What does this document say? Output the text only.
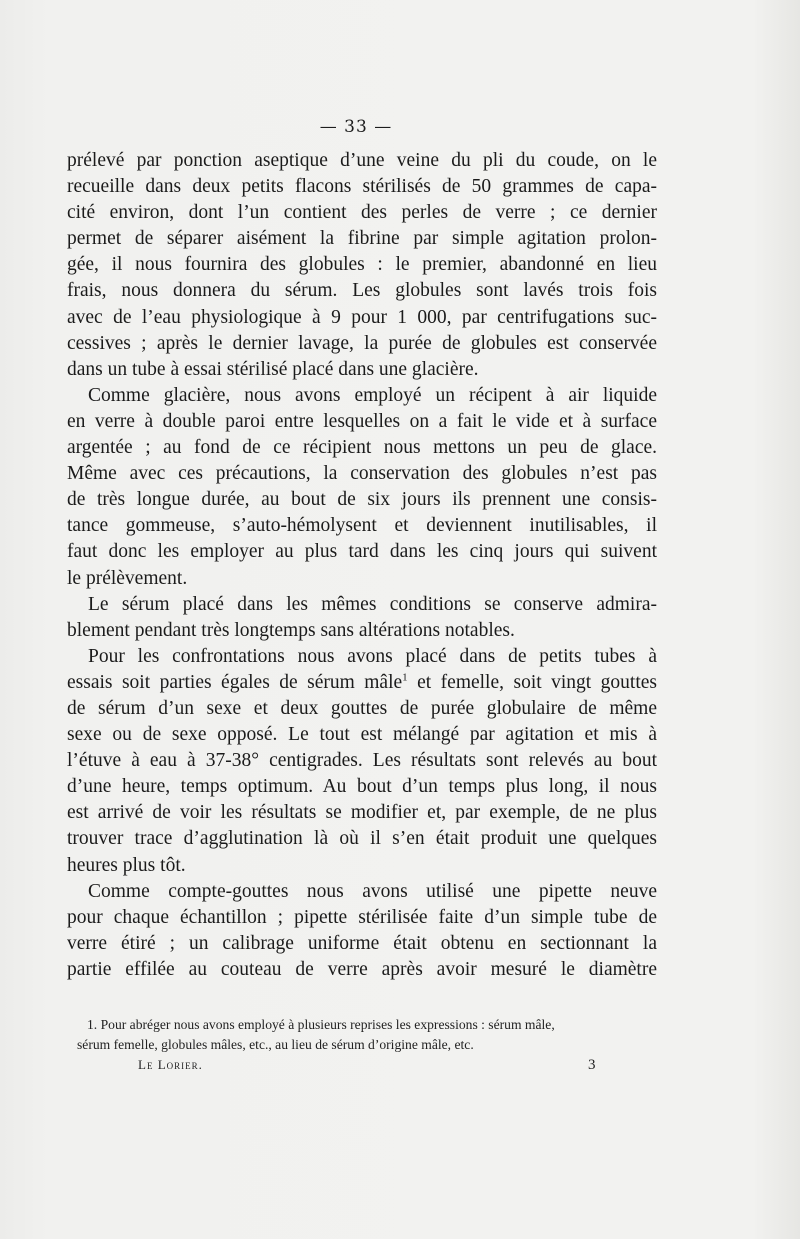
— 33 —
prélevé par ponction aseptique d’une veine du pli du coude, on le
recueille dans deux petits flacons stérilisés de 50 grammes de capa-
cité environ, dont l’un contient des perles de verre ; ce dernier
permet de séparer aisément la fibrine par simple agitation prolon-
gée, il nous fournira des globules : le premier, abandonné en lieu
frais, nous donnera du sérum. Les globules sont lavés trois fois
avec de l’eau physiologique à 9 pour 1 000, par centrifugations suc-
cessives ; après le dernier lavage, la purée de globules est conservée
dans un tube à essai stérilisé placé dans une glacière.
Comme glacière, nous avons employé un récipent à air liquide
en verre à double paroi entre lesquelles on a fait le vide et à surface
argentée ; au fond de ce récipient nous mettons un peu de glace.
Même avec ces précautions, la conservation des globules n’est pas
de très longue durée, au bout de six jours ils prennent une consis-
tance gommeuse, s’auto-hémolysent et deviennent inutilisables, il
faut donc les employer au plus tard dans les cinq jours qui suivent
le prélèvement.
Le sérum placé dans les mêmes conditions se conserve admira-
blement pendant très longtemps sans altérations notables.
Pour les confrontations nous avons placé dans de petits tubes à
essais soit parties égales de sérum mâle$^1$ et femelle, soit vingt gouttes
de sérum d’un sexe et deux gouttes de purée globulaire de même
sexe ou de sexe opposé. Le tout est mélangé par agitation et mis à
l’étuve à eau à 37-38° centigrades. Les résultats sont relevés au bout
d’une heure, temps optimum. Au bout d’un temps plus long, il nous
est arrivé de voir les résultats se modifier et, par exemple, de ne plus
trouver trace d’agglutination là où il s’en était produit une quelques
heures plus tôt.
Comme compte-gouttes nous avons utilisé une pipette neuve
pour chaque échantillon ; pipette stérilisée faite d’un simple tube de
verre étiré ; un calibrage uniforme était obtenu en sectionnant la
partie effilée au couteau de verre après avoir mesuré le diamètre
1. Pour abréger nous avons employé à plusieurs reprises les expressions : sérum mâle,
sérum femelle, globules mâles, etc., au lieu de sérum d’origine mâle, etc.
Le Lorier.	3
